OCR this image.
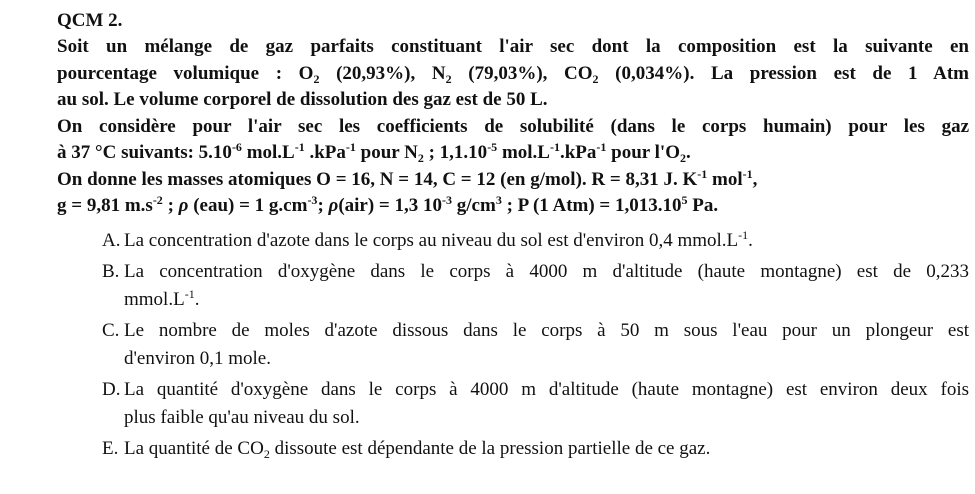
QCM 2.

Soit un mélange de gaz parfaits constituant l'air sec dont la composition est la suivante en
pourcentage volumique : $O_2$ (20,93%), $N_2$ (79,03%), $CO_2$ (0,034%). La pression est de 1 Atm
au sol. Le volume corporel de dissolution des gaz est de 50 L.
On considère pour l'air sec les coefficients de solubilité (dans le corps humain) pour les gaz
à 37 °C suivants: $5.10^{-6}$ $mol.L^{-1}$ .kPa$^{-1}$ pour $N_2$ ; $1,1.10^{-5}$ $mol.L^{-1}.kPa^{-1}$ pour $l'O_2$.
On donne les masses atomiques O = 16, N = 14, C = 12 (en g/mol). R = 8,31 J. $K^{-1}$ mol$^{-1}$,
g = 9,81 $m.s^{-2}$ ; ρ (eau) = 1 $g.cm^{-3}$; ρ(air) = 1,3 $10^{-3}$ $g/cm^3$ ; P (1 $Atm) = 1,013.10^5$ Pa.
A. La concentration d'azote dans le corps au niveau du sol est d'environ 0,4 $mmol.L^{-1}$.
B. La concentration d'oxygène dans le corps à 4000 m d'altitude (haute montagne) est de 0,233
$mmol.L^{-1}$.
C. Le nombre de moles d'azote dissous dans le corps à 50 m sous l'eau pour un plongeur est
d'environ 0,1 mole.
D. La quantité d'oxygène dans le corps à 4000 m d'altitude (haute montagne) est environ deux fois
plus faible qu'au niveau du sol.
E. La quantité de $CO_2$ dissoute est dépendante de la pression partielle de ce gaz.
